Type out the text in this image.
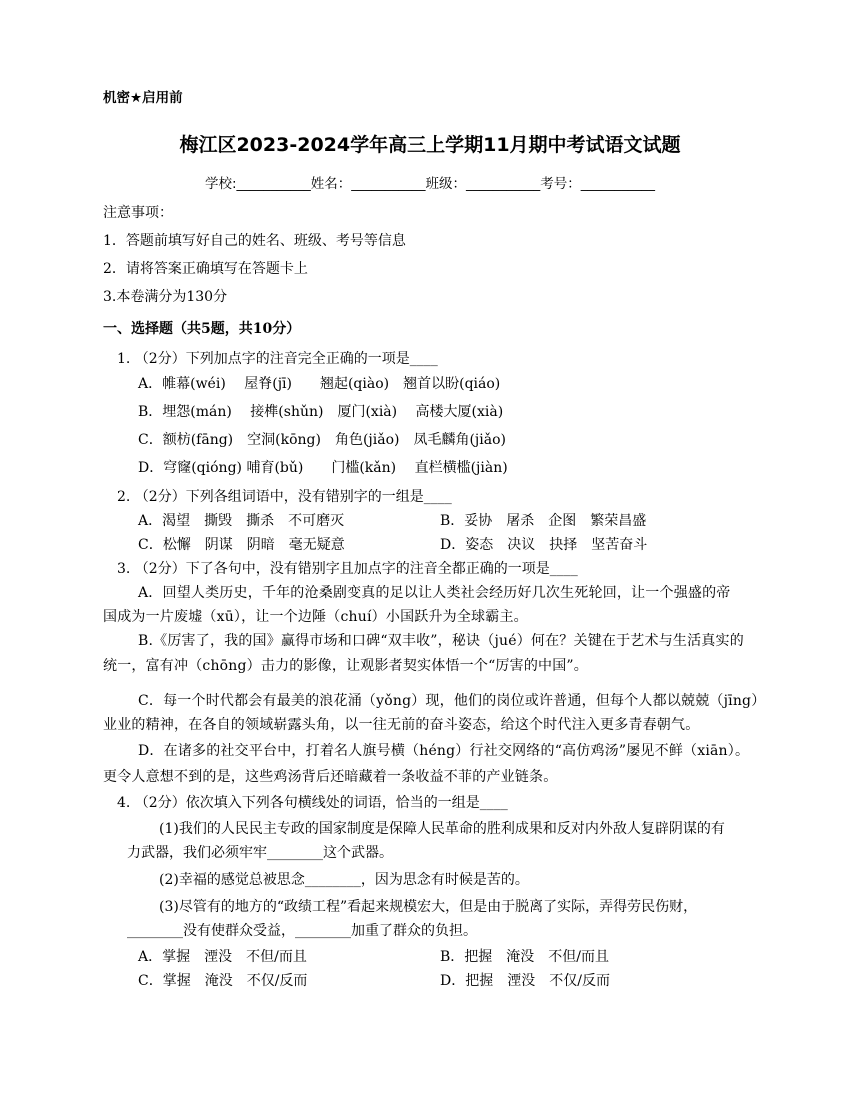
机密★启用前
梅江区2023-2024学年高三上学期11月期中考试语文试题
学校:___________姓名：___________班级：___________考号：___________
注意事项：
1．答题前填写好自己的姓名、班级、考号等信息
2．请将答案正确填写在答题卡上
3.本卷满分为130分
一、选择题（共5题，共10分）
1. （2分）下列加点字的注音完全正确的一项是____
A．帷幕(wéi)　 屋脊(jī)　　翘起(qiào)　翘首以盼(qiáo)
B．埋怨(mán)　 接榫(shǔn)　厦门(xià)　 高楼大厦(xià)
C．额枋(fāng)　空洞(kōng)　角色(jiǎo)　凤毛麟角(jiǎo)
D．穹窿(qióng) 哺育(bǔ)　　门槛(kǎn)　 直栏横槛(jiàn)
2. （2分）下列各组词语中，没有错别字的一组是____
A．渴望　撕毁　撕杀　不可磨灭	B．妥协　屠杀　企图　繁荣昌盛
C．松懈　阴谋　阴暗　毫无疑意	D．姿态　决议　抉择　坚苦奋斗
3. （2分）下了各句中，没有错别字且加点字的注音全都正确的一项是____
A．回望人类历史，千年的沧桑剧变真的足以让人类社会经历好几次生死轮回，让一个强盛的帝
国成为一片废墟（xū），让一个边陲（chuí）小国跃升为全球霸主。
B.《厉害了，我的国》赢得市场和口碑“双丰收”，秘诀（jué）何在？关键在于艺术与生活真实的
统一，富有冲（chōng）击力的影像，让观影者契实体悟一个“厉害的中国”。
C．每一个时代都会有最美的浪花涌（yǒng）现，他们的岗位或许普通，但每个人都以兢兢（jīng）
业业的精神，在各自的领域崭露头角，以一往无前的奋斗姿态，给这个时代注入更多青春朝气。
D．在诸多的社交平台中，打着名人旗号横（héng）行社交网络的“高仿鸡汤”屡见不鲜（xiān）。
更令人意想不到的是，这些鸡汤背后还暗藏着一条收益不菲的产业链条。
4. （2分）依次填入下列各句横线处的词语，恰当的一组是____
(1)我们的人民民主专政的国家制度是保障人民革命的胜利成果和反对内外敌人复辟阴谋的有
力武器，我们必须牢牢________这个武器。
(2)幸福的感觉总被思念________，因为思念有时候是苦的。
(3)尽管有的地方的“政绩工程”看起来规模宏大，但是由于脱离了实际，弄得劳民伤财，
________没有使群众受益，________加重了群众的负担。
A．掌握　湮没　不但/而且	B．把握　淹没　不但/而且
C．掌握　淹没　不仅/反而	D．把握　湮没　不仅/反而
